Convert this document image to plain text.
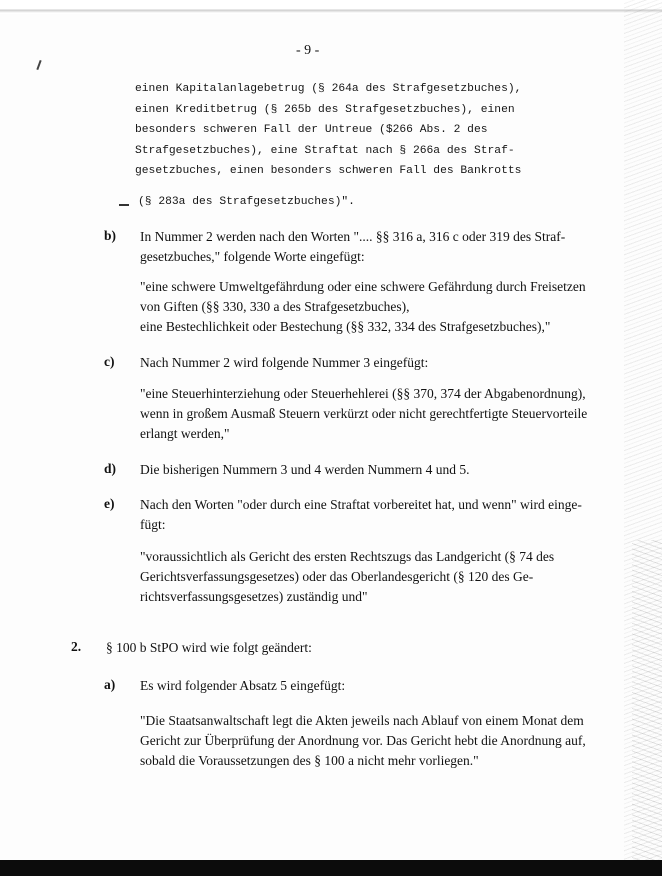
- 9 -
einen Kapitalanlagebetrug (§ 264a des Strafgesetzbuches),
einen Kreditbetrug (§ 265b des Strafgesetzbuches), einen
besonders schweren Fall der Untreue ($266 Abs. 2 des
Strafgesetzbuches), eine Straftat nach § 266a des Straf-
gesetzbuches, einen besonders schweren Fall des Bankrotts
(§ 283a des Strafgesetzbuches)".
b) In Nummer 2 werden nach den Worten ".... §§ 316 a, 316 c oder 319 des Straf-
gesetzbuches," folgende Worte eingefügt:
"eine schwere Umweltgefährdung oder eine schwere Gefährdung durch Freisetzen
von Giften (§§ 330, 330 a des Strafgesetzbuches),
eine Bestechlichkeit oder Bestechung (§§ 332, 334 des Strafgesetzbuches),"
c) Nach Nummer 2 wird folgende Nummer 3 eingefügt:
"eine Steuerhinterziehung oder Steuerhehlerei (§§ 370, 374 der Abgabenordnung),
wenn in großem Ausmaß Steuern verkürzt oder nicht gerechtfertigte Steuervorteile
erlangt werden,"
d) Die bisherigen Nummern 3 und 4 werden Nummern 4 und 5.
e) Nach den Worten "oder durch eine Straftat vorbereitet hat, und wenn" wird einge-
fügt:
"voraussichtlich als Gericht des ersten Rechtszugs das Landgericht (§ 74 des
Gerichtsverfassungsgesetzes) oder das Oberlandesgericht (§ 120 des Ge-
richtsverfassungsgesetzes) zuständig und"
2. § 100 b StPO wird wie folgt geändert:
a) Es wird folgender Absatz 5 eingefügt:
"Die Staatsanwaltschaft legt die Akten jeweils nach Ablauf von einem Monat dem
Gericht zur Überprüfung der Anordnung vor. Das Gericht hebt die Anordnung auf,
sobald die Voraussetzungen des § 100 a nicht mehr vorliegen."
